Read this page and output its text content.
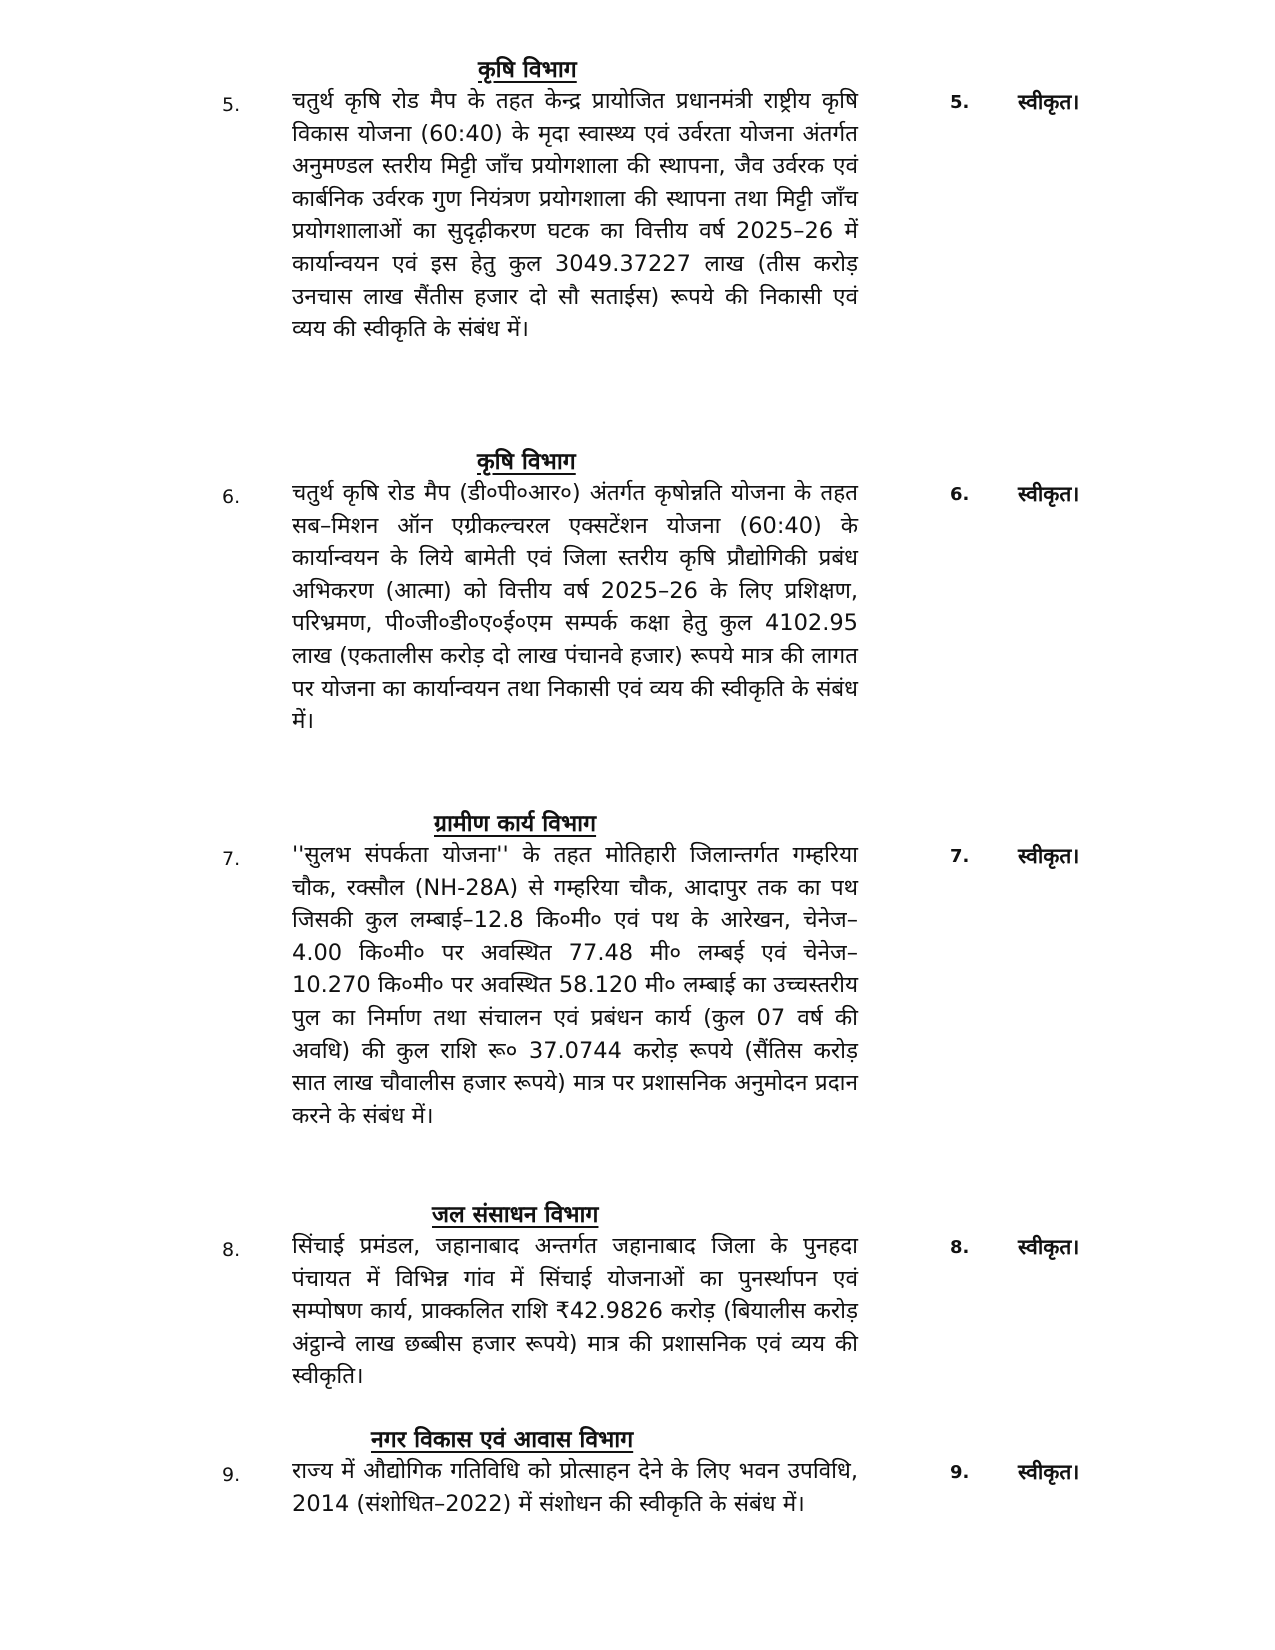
कृषि विभाग
5. चतुर्थ कृषि रोड मैप के तहत केन्द्र प्रायोजित प्रधानमंत्री राष्ट्रीय कृषि विकास योजना (60:40) के मृदा स्वास्थ्य एवं उर्वरता योजना अंतर्गत अनुमण्डल स्तरीय मिट्टी जाँच प्रयोगशाला की स्थापना, जैव उर्वरक एवं कार्बनिक उर्वरक गुण नियंत्रण प्रयोगशाला की स्थापना तथा मिट्टी जाँच प्रयोगशालाओं का सुदृढ़ीकरण घटक का वित्तीय वर्ष 2025–26 में कार्यान्वयन एवं इस हेतु कुल 3049.37227 लाख (तीस करोड़ उनचास लाख सैंतीस हजार दो सौ सताईस) रूपये की निकासी एवं व्यय की स्वीकृति के संबंध में।
5. स्वीकृत।
कृषि विभाग
6. चतुर्थ कृषि रोड मैप (डी०पी०आर०) अंतर्गत कृषोन्नति योजना के तहत सब–मिशन ऑन एग्रीकल्चरल एक्सटेंशन योजना (60:40) के कार्यान्वयन के लिये बामेती एवं जिला स्तरीय कृषि प्रौद्योगिकी प्रबंध अभिकरण (आत्मा) को वित्तीय वर्ष 2025–26 के लिए प्रशिक्षण, परिभ्रमण, पी०जी०डी०ए०ई०एम सम्पर्क कक्षा हेतु कुल 4102.95 लाख (एकतालीस करोड़ दो लाख पंचानवे हजार) रूपये मात्र की लागत पर योजना का कार्यान्वयन तथा निकासी एवं व्यय की स्वीकृति के संबंध में।
6. स्वीकृत।
ग्रामीण कार्य विभाग
7. ''सुलभ संपर्कता योजना'' के तहत मोतिहारी जिलान्तर्गत गम्हरिया चौक, रक्सौल (NH-28A) से गम्हरिया चौक, आदापुर तक का पथ जिसकी कुल लम्बाई–12.8 कि०मी० एवं पथ के आरेखन, चेनेज–4.00 कि०मी० पर अवस्थित 77.48 मी० लम्बई एवं चेनेज–10.270 कि०मी० पर अवस्थित 58.120 मी० लम्बाई का उच्चस्तरीय पुल का निर्माण तथा संचालन एवं प्रबंधन कार्य (कुल 07 वर्ष की अवधि) की कुल राशि रू० 37.0744 करोड़ रूपये (सैंतिस करोड़ सात लाख चौवालीस हजार रूपये) मात्र पर प्रशासनिक अनुमोदन प्रदान करने के संबंध में।
7. स्वीकृत।
जल संसाधन विभाग
8. सिंचाई प्रमंडल, जहानाबाद अन्तर्गत जहानाबाद जिला के पुनहदा पंचायत में विभिन्न गांव में सिंचाई योजनाओं का पुनर्स्थापन एवं सम्पोषण कार्य, प्राक्कलित राशि ₹42.9826 करोड़ (बियालीस करोड़ अंट्ठान्वे लाख छब्बीस हजार रूपये) मात्र की प्रशासनिक एवं व्यय की स्वीकृति।
8. स्वीकृत।
नगर विकास एवं आवास विभाग
9. राज्य में औद्योगिक गतिविधि को प्रोत्साहन देने के लिए भवन उपविधि, 2014 (संशोधित–2022) में संशोधन की स्वीकृति के संबंध में।
9. स्वीकृत।
